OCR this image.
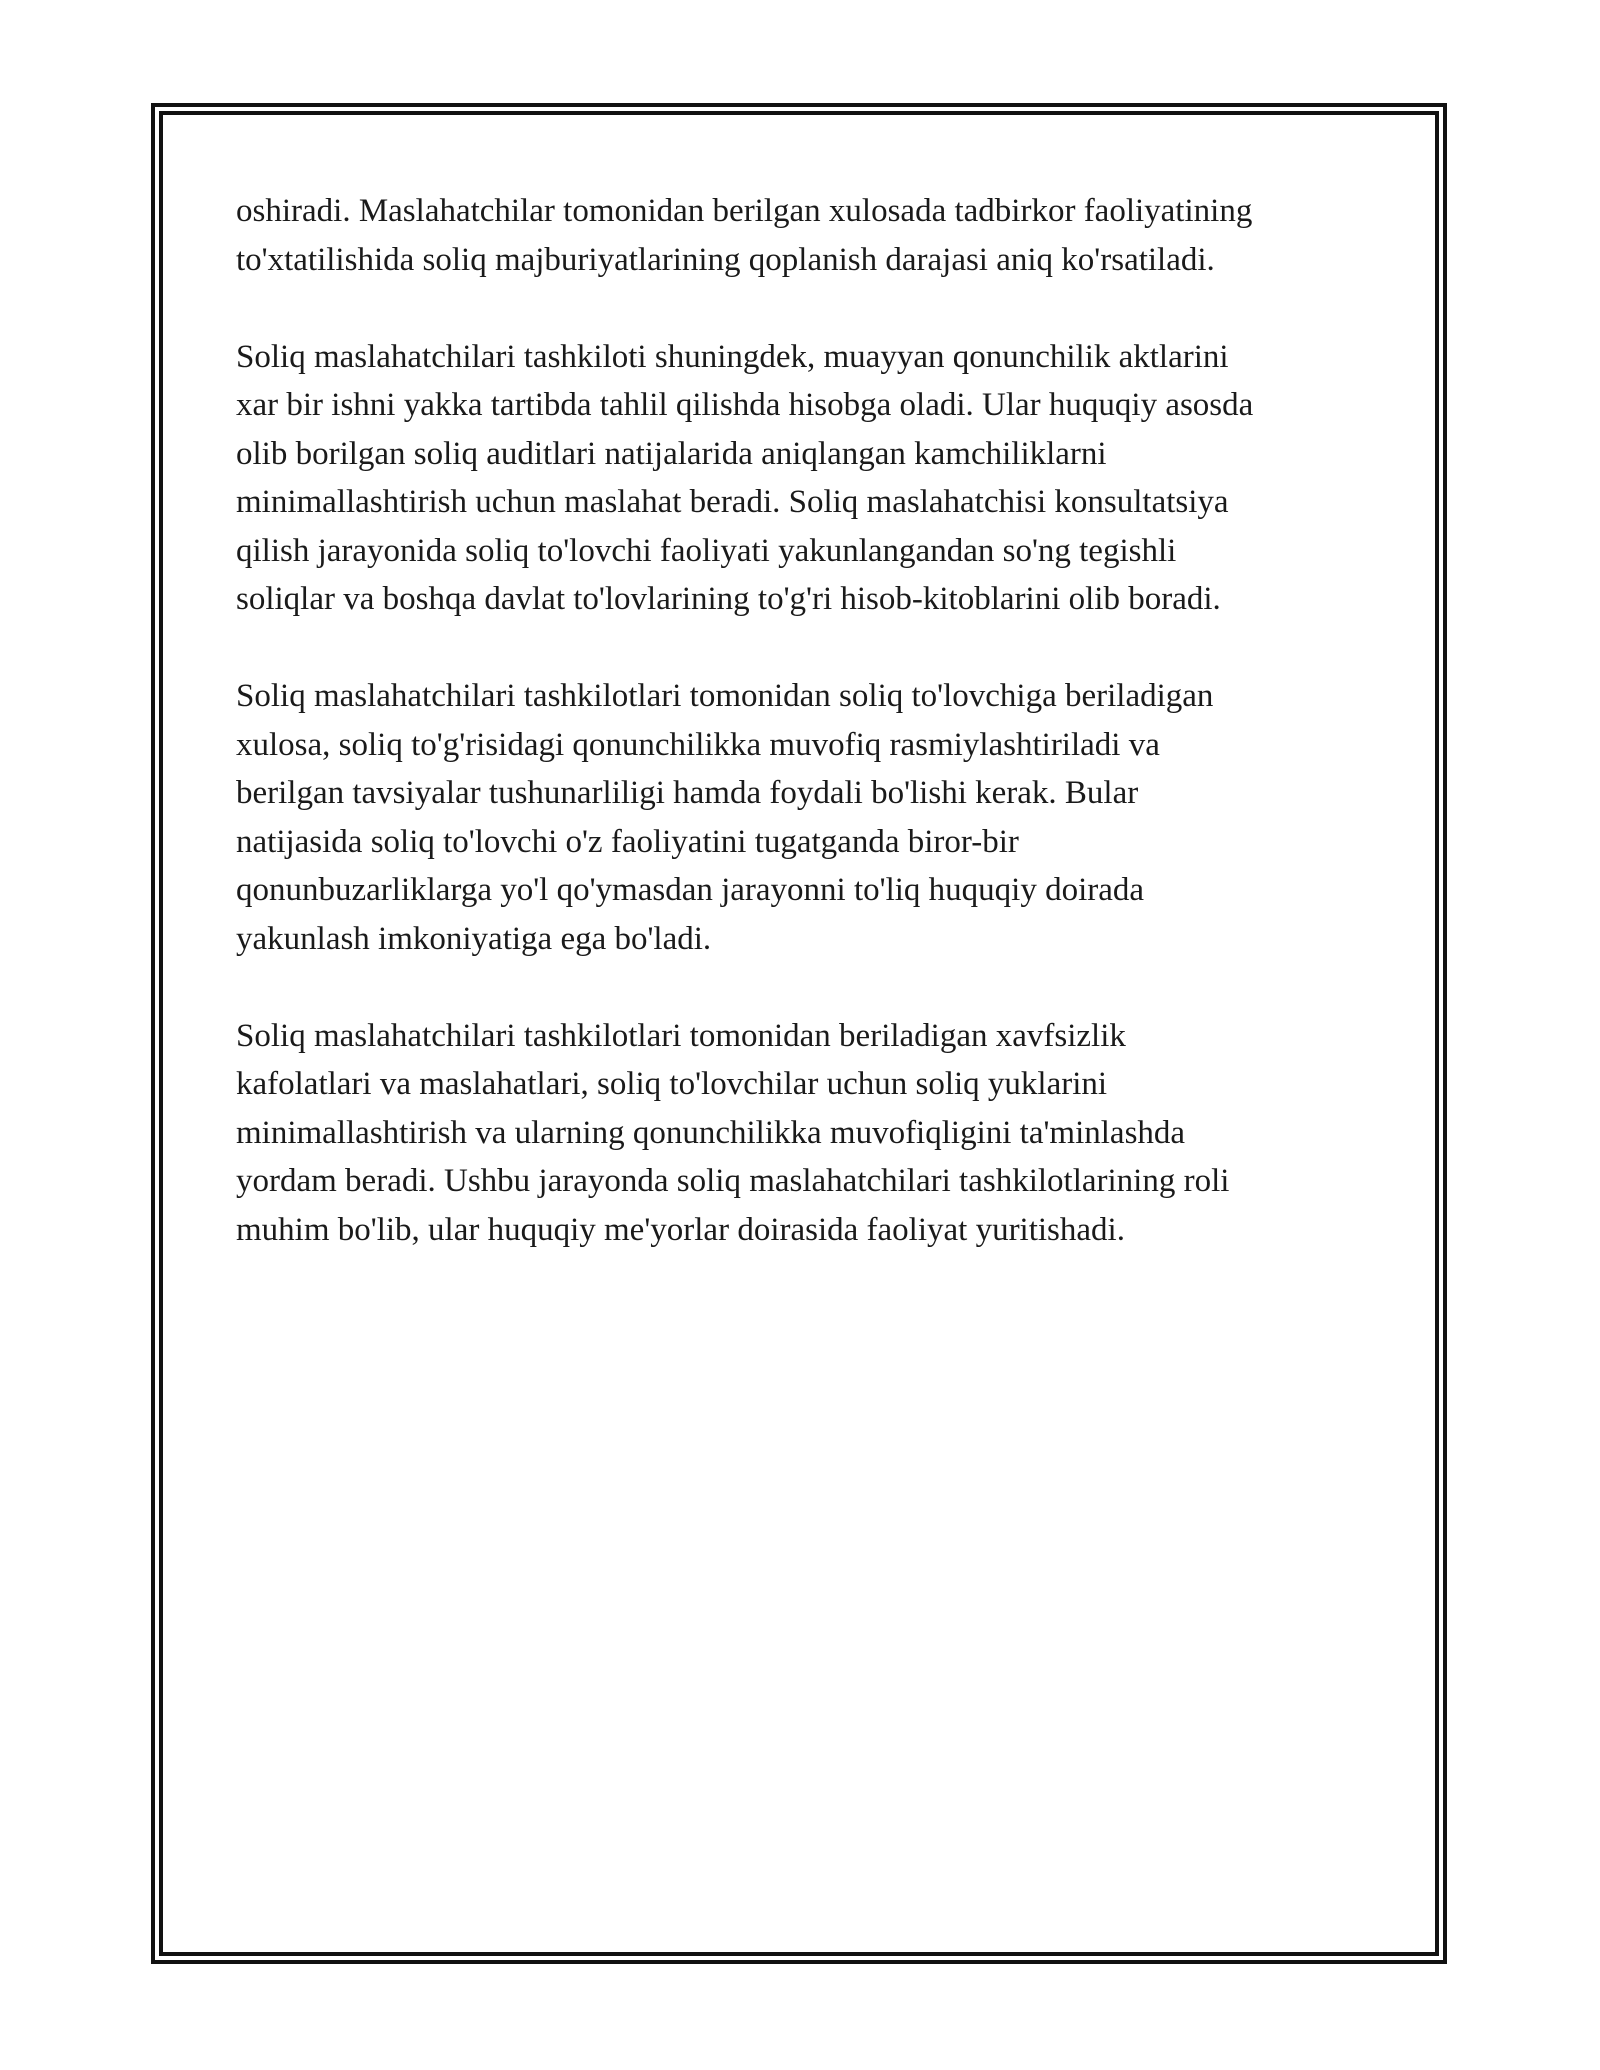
oshiradi. Maslahatchilar tomonidan berilgan xulosada tadbirkor faoliyatining
to'xtatilishida soliq majburiyatlarining qoplanish darajasi aniq ko'rsatiladi.

Soliq maslahatchilari tashkiloti shuningdek, muayyan qonunchilik aktlarini
xar bir ishni yakka tartibda tahlil qilishda hisobga oladi. Ular huquqiy asosda
olib borilgan soliq auditlari natijalarida aniqlangan kamchiliklarni
minimallashtirish uchun maslahat beradi. Soliq maslahatchisi konsultatsiya
qilish jarayonida soliq to'lovchi faoliyati yakunlangandan so'ng tegishli
soliqlar va boshqa davlat to'lovlarining to'g'ri hisob-kitoblarini olib boradi.

Soliq maslahatchilari tashkilotlari tomonidan soliq to'lovchiga beriladigan
xulosa, soliq to'g'risidagi qonunchilikka muvofiq rasmiylashtiriladi va
berilgan tavsiyalar tushunarliligi hamda foydali bo'lishi kerak. Bular
natijasida soliq to'lovchi o'z faoliyatini tugatganda biror-bir
qonunbuzarliklarga yo'l qo'ymasdan jarayonni to'liq huquqiy doirada
yakunlash imkoniyatiga ega bo'ladi.

Soliq maslahatchilari tashkilotlari tomonidan beriladigan xavfsizlik
kafolatlari va maslahatlari, soliq to'lovchilar uchun soliq yuklarini
minimallashtirish va ularning qonunchilikka muvofiqligini ta'minlashda
yordam beradi. Ushbu jarayonda soliq maslahatchilari tashkilotlarining roli
muhim bo'lib, ular huquqiy me'yorlar doirasida faoliyat yuritishadi.
